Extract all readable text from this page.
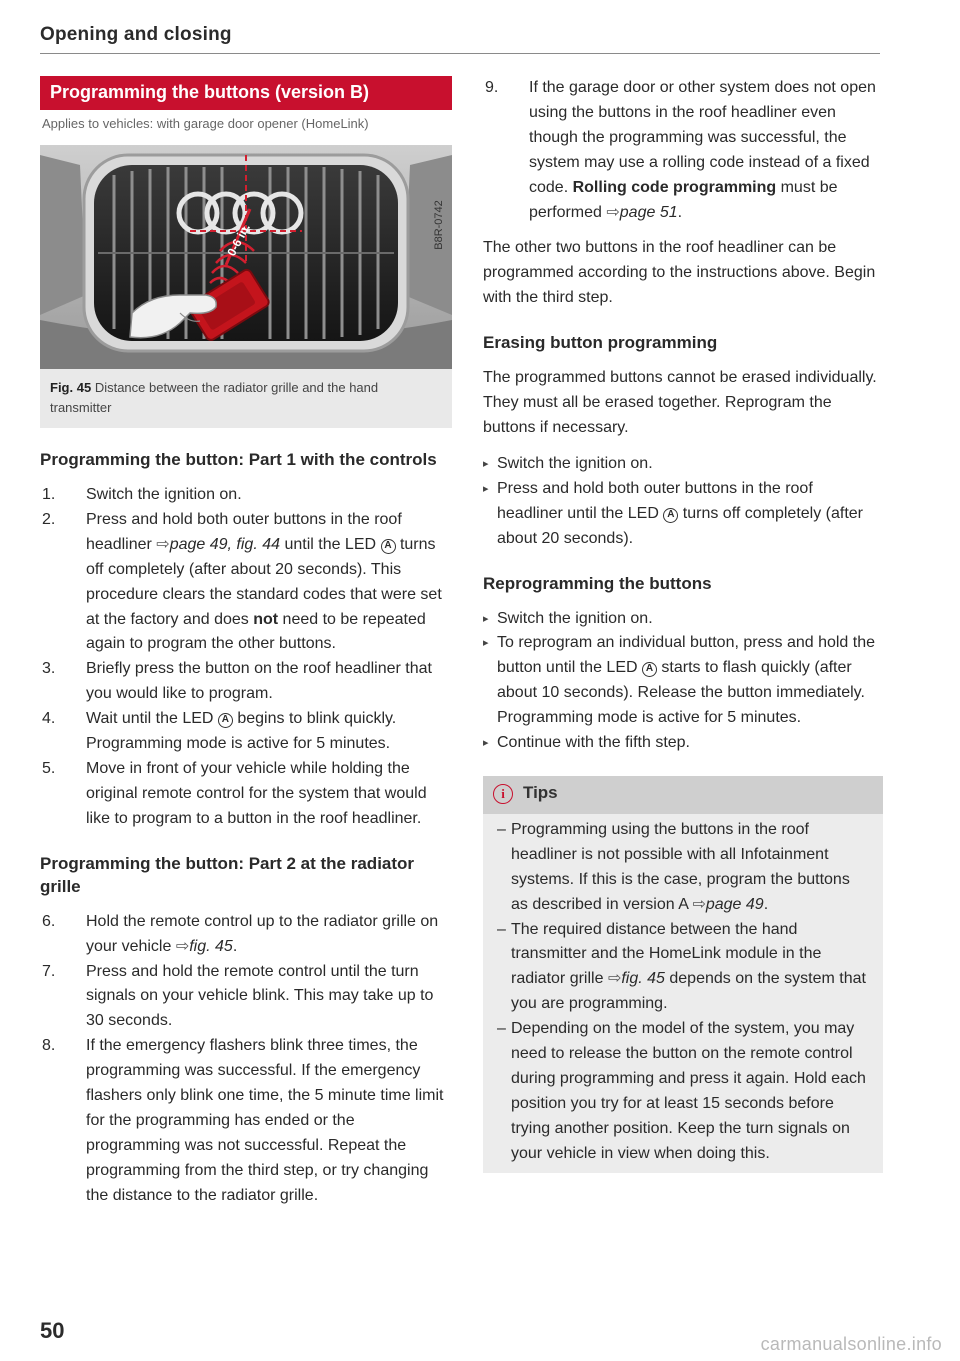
Opening and closing
Programming the buttons (version B)
Applies to vehicles: with garage door opener (HomeLink)
0-6 in.	B8R-0742
Fig. 45 Distance between the radiator grille and the hand transmitter
Programming the button: Part 1 with the controls
1. Switch the ignition on.
2. Press and hold both outer buttons in the roof headliner ⇨page 49, fig. 44 until the LED A turns off completely (after about 20 seconds). This procedure clears the standard codes that were set at the factory and does not need to be repeated again to program the other buttons.
3. Briefly press the button on the roof headliner that you would like to program.
4. Wait until the LED A begins to blink quickly. Programming mode is active for 5 minutes.
5. Move in front of your vehicle while holding the original remote control for the system that would like to program to a button in the roof headliner.
Programming the button: Part 2 at the radiator grille
6. Hold the remote control up to the radiator grille on your vehicle ⇨fig. 45.
7. Press and hold the remote control until the turn signals on your vehicle blink. This may take up to 30 seconds.
8. If the emergency flashers blink three times, the programming was successful. If the emergency flashers only blink one time, the 5 minute time limit for the programming has ended or the programming was not successful. Repeat the programming from the third step, or try changing the distance to the radiator grille.
9. If the garage door or other system does not open using the buttons in the roof headliner even though the programming was successful, the system may use a rolling code instead of a fixed code. Rolling code programming must be performed ⇨page 51.

The other two buttons in the roof headliner can be programmed according to the instructions above. Begin with the third step.

Erasing button programming

The programmed buttons cannot be erased individually. They must all be erased together. Reprogram the buttons if necessary.

▸ Switch the ignition on.
▸ Press and hold both outer buttons in the roof headliner until the LED A turns off completely (after about 20 seconds).
Reprogramming the buttons
▸ Switch the ignition on.
▸ To reprogram an individual button, press and hold the button until the LED A starts to flash quickly (after about 10 seconds). Release the button immediately. Programming mode is active for 5 minutes.
▸ Continue with the fifth step.
i Tips
– Programming using the buttons in the roof headliner is not possible with all Infotainment systems. If this is the case, program the buttons as described in version A ⇨page 49.
– The required distance between the hand transmitter and the HomeLink module in the radiator grille ⇨fig. 45 depends on the system that you are programming.
– Depending on the model of the system, you may need to release the button on the remote control during programming and press it again. Hold each position you try for at least 15 seconds before trying another position. Keep the turn signals on your vehicle in view when doing this.
50
carmanualsonline.info
